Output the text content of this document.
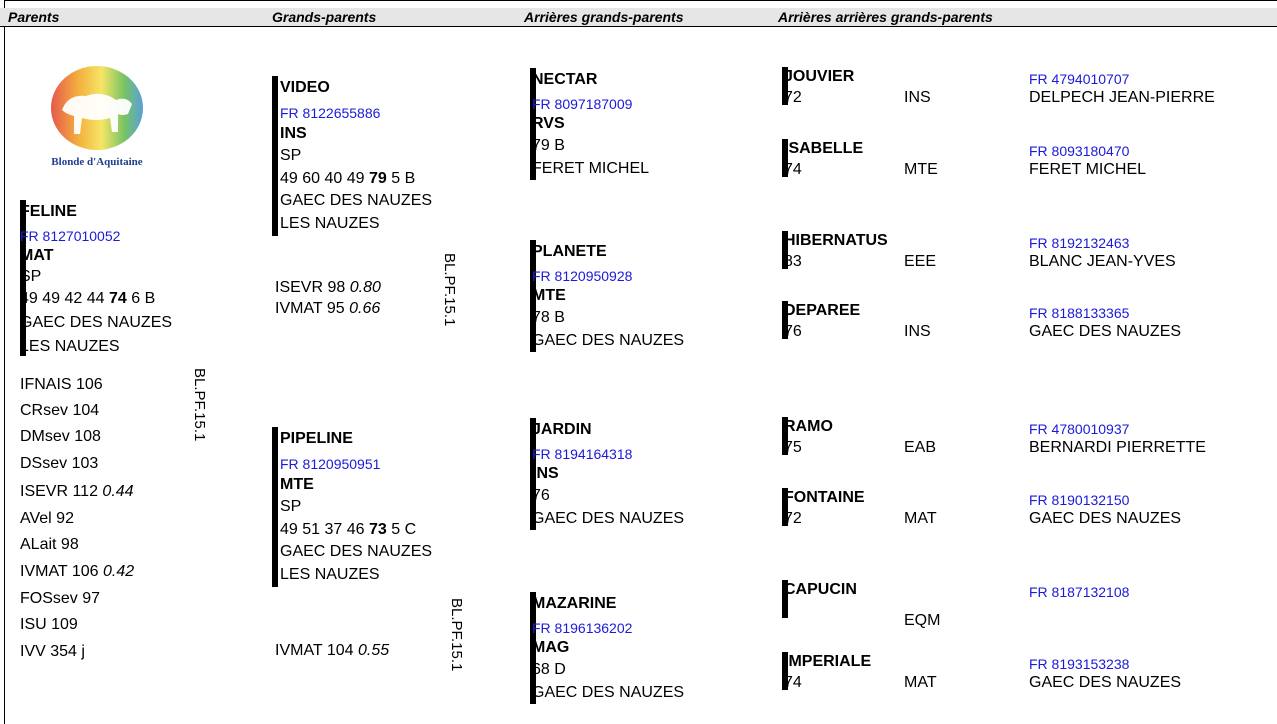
Parents	Grands-parents	Arrières grands-parents	Arrières arrières grands-parents
Blonde d'Aquitaine
FELINE
FR 8127010052
MAT
SP
49 49 42 44 74 6 B
GAEC DES NAUZES
LES NAUZES
BL.PF.15.1
IFNAIS 106
CRsev 104
DMsev 108
DSsev 103
ISEVR 112 0.44
AVel 92
ALait 98
IVMAT 106 0.42
FOSsev 97
ISU 109
IVV 354 j
VIDEO
FR 8122655886
INS
SP
49 60 40 49 79 5 B
GAEC DES NAUZES
LES NAUZES
ISEVR 98 0.80
IVMAT 95 0.66	BL.PF.15.1
PIPELINE
FR 8120950951
MTE
SP
49 51 37 46 73 5 C
GAEC DES NAUZES
LES NAUZES
IVMAT 104 0.55	BL.PF.15.1
NECTAR
FR 8097187009
RVS
79 B
FERET MICHEL
PLANETE
FR 8120950928
MTE
78 B
GAEC DES NAUZES
JARDIN
FR 8194164318
INS
76
GAEC DES NAUZES
MAZARINE
FR 8196136202
MAG
68 D
GAEC DES NAUZES
JOUVIER
72	INS
FR 4794010707
DELPECH JEAN-PIERRE
ISABELLE
74	MTE
FR 8093180470
FERET MICHEL
HIBERNATUS
83	EEE
FR 8192132463
BLANC JEAN-YVES
DEPAREE
76	INS
FR 8188133365
GAEC DES NAUZES
RAMO
75	EAB
FR 4780010937
BERNARDI PIERRETTE
FONTAINE
72	MAT
FR 8190132150
GAEC DES NAUZES
CAPUCIN
EQM
FR 8187132108
IMPERIALE
74	MAT
FR 8193153238
GAEC DES NAUZES
